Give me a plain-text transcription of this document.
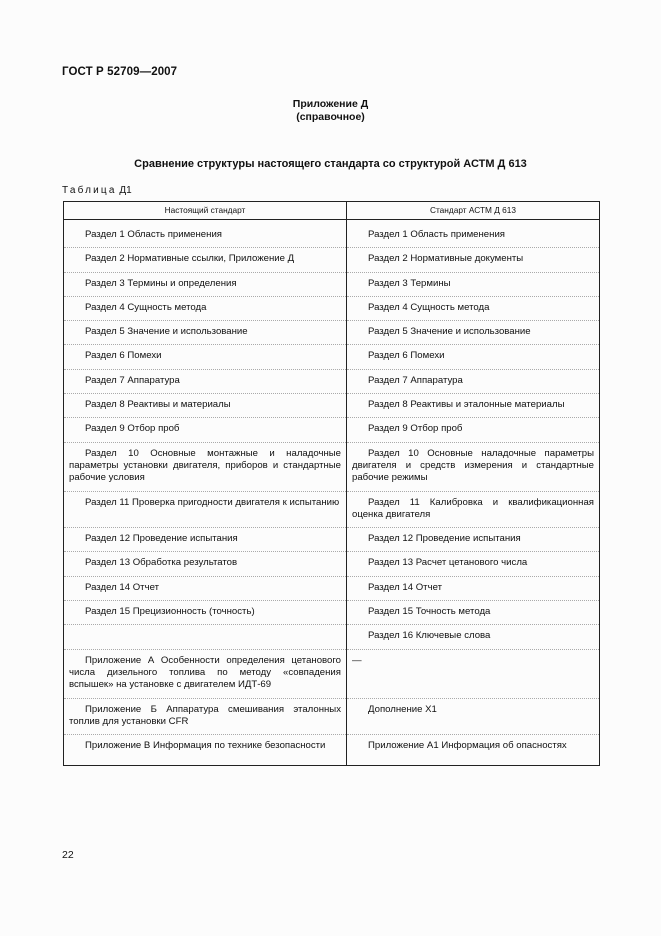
ГОСТ Р 52709—2007
Приложение Д
(справочное)
Сравнение структуры настоящего стандарта со структурой АСТМ Д 613
Таблица Д1
Настоящий стандарт	Стандарт АСТМ Д 613
Раздел 1 Область применения	Раздел 1 Область применения
Раздел 2 Нормативные ссылки, Приложение Д	Раздел 2 Нормативные документы
Раздел 3 Термины и определения	Раздел 3 Термины
Раздел 4 Сущность метода	Раздел 4 Сущность метода
Раздел 5 Значение и использование	Раздел 5 Значение и использование
Раздел 6 Помехи	Раздел 6 Помехи
Раздел 7 Аппаратура	Раздел 7 Аппаратура
Раздел 8 Реактивы и материалы	Раздел 8 Реактивы и эталонные материалы
Раздел 9 Отбор проб	Раздел 9 Отбор проб
Раздел 10 Основные монтажные и наладочные параметры установки двигателя, приборов и стандартные рабочие условия	Раздел 10 Основные наладочные параметры двигателя и средств измерения и стандартные рабочие режимы
Раздел 11 Проверка пригодности двигателя к испытанию	Раздел 11 Калибровка и квалификационная оценка двигателя
Раздел 12 Проведение испытания	Раздел 12 Проведение испытания
Раздел 13 Обработка результатов	Раздел 13 Расчет цетанового числа
Раздел 14 Отчет	Раздел 14 Отчет
Раздел 15 Прецизионность (точность)	Раздел 15 Точность метода
	Раздел 16 Ключевые слова
Приложение А Особенности определения цетанового числа дизельного топлива по методу «совпадения вспышек» на установке с двигателем ИДТ-69	—
Приложение Б Аппаратура смешивания эталонных топлив для установки CFR	Дополнение X1
Приложение В Информация по технике безопасности	Приложение А1 Информация об опасностях
22
